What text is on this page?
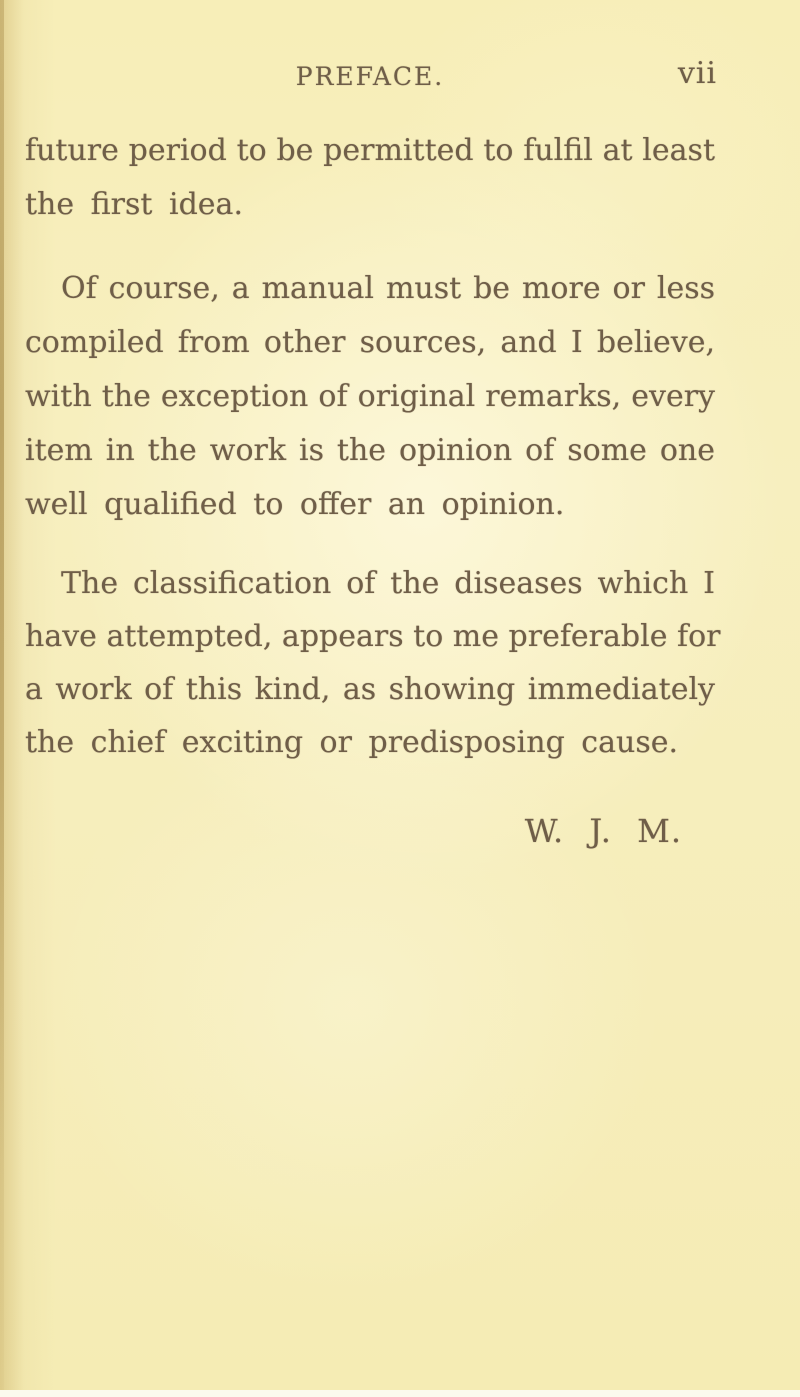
PREFACE.	vii
future period to be permitted to fulfil at least
the first idea.
Of course, a manual must be more or less
compiled from other sources, and I believe,
with the exception of original remarks, every
item in the work is the opinion of some one
well qualified to offer an opinion.
The classification of the diseases which I
have attempted, appears to me preferable for
a work of this kind, as showing immediately
the chief exciting or predisposing cause.
W. J. M.
